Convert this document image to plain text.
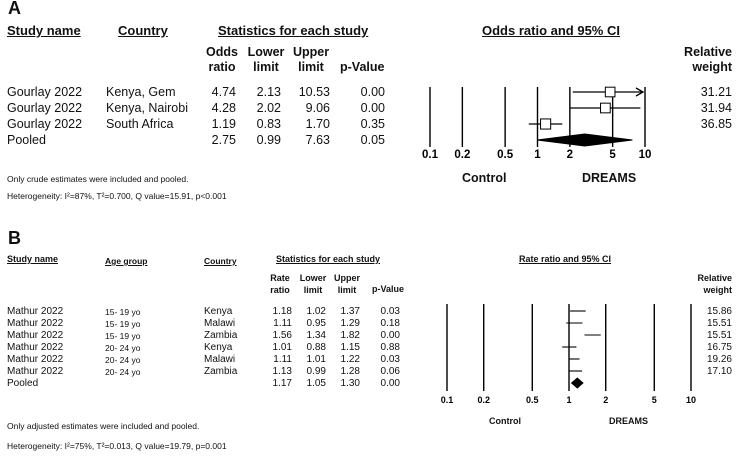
A
Study name	Country	Statistics for each study	Odds ratio and 95% CI
Odds
ratio
Lower
limit
Upper
limit	p-Value
Relative
weight
Gourlay 2022 Kenya, Gem	4.74	2.13	10.53	0.00	31.21
Gourlay 2022 Kenya, Nairobi	4.28	2.02	9.06	0.00	31.94
Gourlay 2022 South Africa	1.19	0.83	1.70	0.35	36.85
Pooled	2.75	0.99	7.63	0.05
Control	DREAMS
Only crude estimates were included and pooled.
Heterogeneity: I²=87%, T²=0.700, Q value=15.91, p<0.001
B
Study name	Age group	Country	Statistics for each study	Rate ratio and 95% CI
Rate
ratio
Lower
limit
Upper
limit	p-Value
Relative
weight
Mathur 2022	15- 19 yo	Kenya	1.18	1.02	1.37	0.03	15.86
Mathur 2022	15- 19 yo	Malawi	1.11	0.95	1.29	0.18	15.51
Mathur 2022	15- 19 yo	Zambia	1.56	1.34	1.82	0.00	15.51
Mathur 2022	20- 24 yo	Kenya	1.01	0.88	1.15	0.88	16.75
Mathur 2022	20- 24 yo	Malawi	1.11	1.01	1.22	0.03	19.26
Mathur 2022	20- 24 yo	Zambia	1.13	0.99	1.28	0.06	17.10
Pooled	1.17	1.05	1.30	0.00
Control	DREAMS
Only adjusted estimates were included and pooled.
Heterogeneity: I²=75%, T²=0.013, Q value=19.79, p=0.001
0.1 0.2 0.5 1 2	5 10
0.1	0.2	0.5	1	2	5	10
